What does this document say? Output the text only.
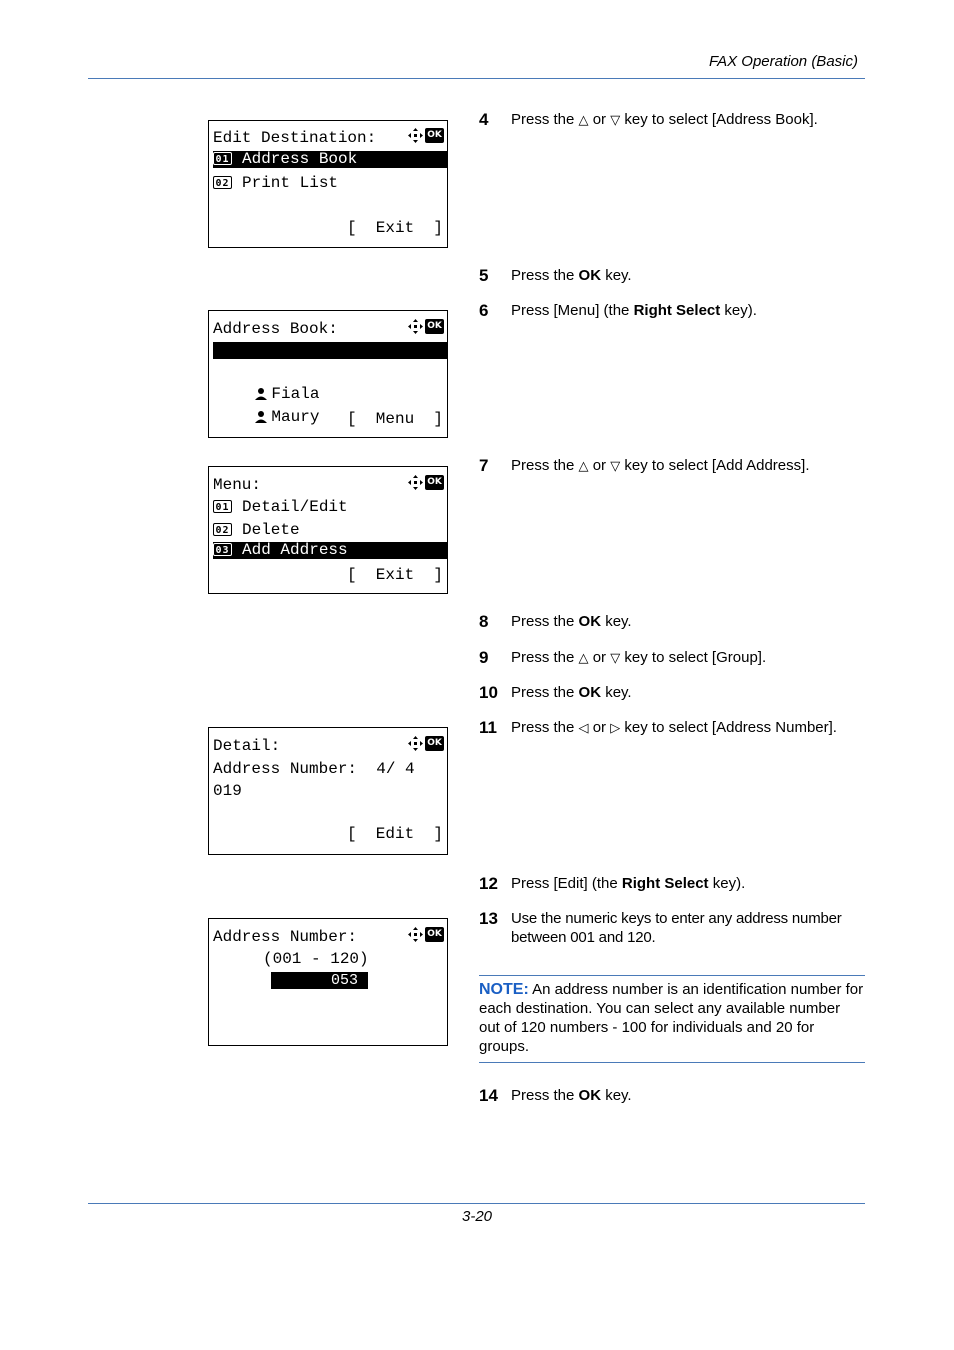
FAX Operation (Basic)
Edit Destination:	OK
01 Address Book
02 Print List
[  Exit  ]
Address Book:	OK

Design

Fiala

Maury
	[  Menu  ]
Menu:	OK
01 Detail/Edit
02 Delete
03 Add Address
[  Exit  ]
Detail:	OK
Address Number:  4/ 4
019
[  Edit  ]
Address Number:	OK
(001 - 120)
053
4 Press the △ or ▽ key to select [Address Book].
5 Press the OK key.
6 Press [Menu] (the Right Select key).
7 Press the △ or ▽ key to select [Add Address].
8 Press the OK key.
9 Press the △ or ▽ key to select [Group].
10 Press the OK key.
11 Press the ◁ or ▷ key to select [Address Number].
12 Press [Edit] (the Right Select key).
13 Use the numeric keys to enter any address number between 001 and 120.
NOTE: An address number is an identification number for each destination. You can select any available number out of 120 numbers - 100 for individuals and 20 for groups.
14 Press the OK key.
3-20
